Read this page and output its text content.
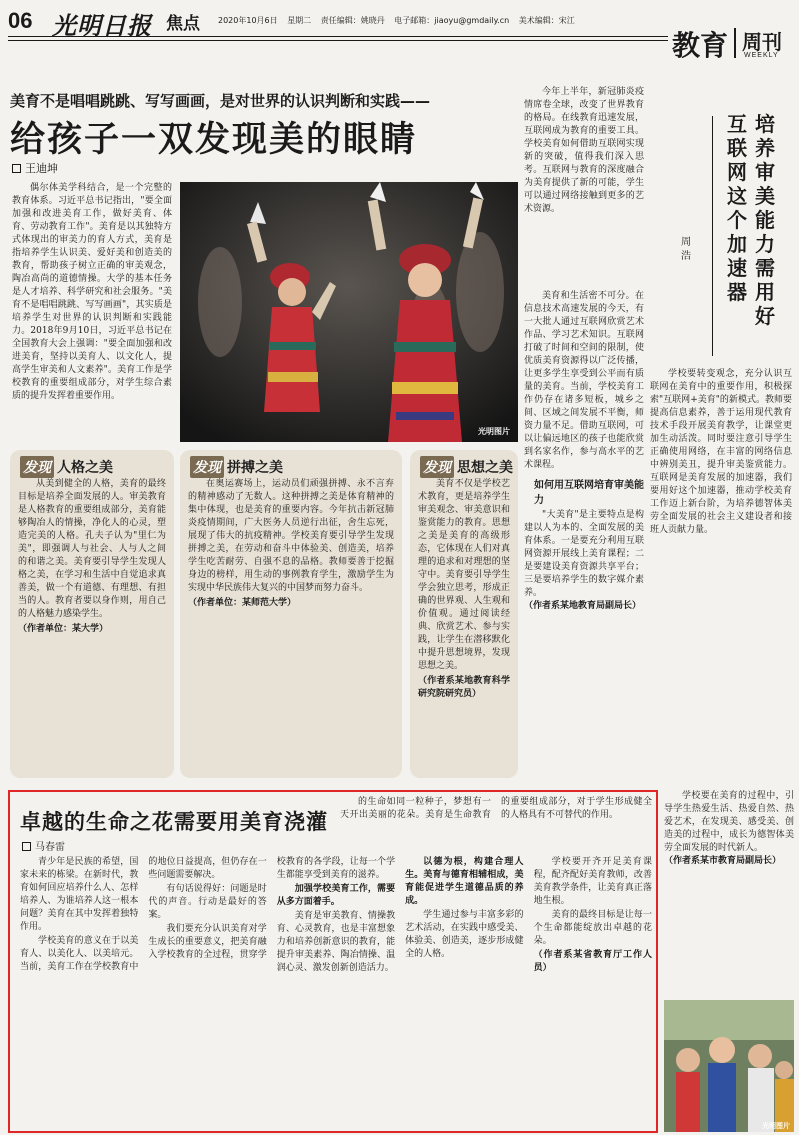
06 光明日报 焦点 2020年10月6日 星期二 责任编辑：姚晓丹 电子邮箱：jiaoyu@gmdaily.cn 美术编辑：宋江
教育 周刊
WEEKLY
美育不是唱唱跳跳、写写画画，是对世界的认识判断和实践——
给孩子一双发现美的眼睛
王迪坤
偶尔体美学科结合，是一个完整的教育体系。习近平总书记指出，"要全面加强和改进美育工作，做好美育、体育、劳动教育工作"。美育是以其独特方式体现出的审美力的育人方式，美育是指培养学生认识美、爱好美和创造美的教育，帮助孩子树立正确的审美观念，陶冶高尚的道德情操。大学的基本任务是人才培养、科学研究和社会服务。"美育不是唱唱跳跳、写写画画"，其实质是培养学生对世界的认识判断和实践能力。2018年9月10日，习近平总书记在全国教育大会上强调："要全面加强和改进美育，坚持以美育人、以文化人，提高学生审美和人文素养"。美育工作是学校教育的重要组成部分，对学生综合素质的提升发挥着重要作用。
光明图片
今年上半年，新冠肺炎疫情席卷全球，改变了世界教育的格局。在线教育迅速发展，互联网成为教育的重要工具。学校美育如何借助互联网实现新的突破，值得我们深入思考。互联网与教育的深度融合为美育提供了新的可能，学生可以通过网络接触到更多的艺术资源。
培养审美能力需用好
互联网这个加速器
周浩

美育和生活密不可分。在信息技术高速发展的今天，有一大批人通过互联网欣赏艺术作品、学习艺术知识。互联网打破了时间和空间的限制，使优质美育资源得以广泛传播，让更多学生享受到公平而有质量的美育。当前，学校美育工作仍存在诸多短板，城乡之间、区域之间发展不平衡，师资力量不足。借助互联网，可以让偏远地区的孩子也能欣赏到名家名作，参与高水平的艺术课程。

如何用互联网培育审美能力

"大美育"是主要特点是构建以人为本的、全面发展的美育体系。一是要充分利用互联网资源开展线上美育课程；二是要建设美育资源共享平台；三是要培养学生的数字媒介素养。

（作者系某地教育局副局长）

学校要转变观念，充分认识互联网在美育中的重要作用，积极探索"互联网+美育"的新模式。教师要提高信息素养，善于运用现代教育技术手段开展美育教学，让课堂更加生动活泼。同时要注意引导学生正确使用网络，在丰富的网络信息中辨别美丑，提升审美鉴赏能力。互联网是美育发展的加速器，我们要用好这个加速器，推动学校美育工作迈上新台阶，为培养德智体美劳全面发展的社会主义建设者和接班人贡献力量。
发现 人格之美

从美到健全的人格，美育的最终目标是培养全面发展的人。审美教育是人格教育的重要组成部分，美育能够陶冶人的情操，净化人的心灵，塑造完美的人格。孔夫子认为"里仁为美"，即强调人与社会、人与人之间的和谐之美。美育要引导学生发现人格之美，在学习和生活中自觉追求真善美，做一个有道德、有理想、有担当的人。教育者要以身作则，用自己的人格魅力感染学生。

（作者单位：某大学）

发现 拼搏之美

在奥运赛场上，运动员们顽强拼搏、永不言弃的精神感动了无数人。这种拼搏之美是体育精神的集中体现，也是美育的重要内容。今年抗击新冠肺炎疫情期间，广大医务人员逆行出征，舍生忘死，展现了伟大的抗疫精神。学校美育要引导学生发现拼搏之美，在劳动和奋斗中体验美、创造美，培养学生吃苦耐劳、自强不息的品格。教师要善于挖掘身边的榜样，用生动的事例教育学生，激励学生为实现中华民族伟大复兴的中国梦而努力奋斗。

（作者单位：某师范大学）

发现 思想之美

美育不仅是学校艺术教育，更是培养学生审美观念、审美意识和鉴赏能力的教育。思想之美是美育的高级形态，它体现在人们对真理的追求和对理想的坚守中。美育要引导学生学会独立思考，形成正确的世界观、人生观和价值观。通过阅读经典、欣赏艺术、参与实践，让学生在潜移默化中提升思想境界，发现思想之美。

（作者系某地教育科学研究院研究员）

卓越的生命之花需要用美育浇灌
马春雷
的生命如同一粒种子，梦想有一天开出美丽的花朵。美育是生命教育的重要组成部分，对于学生形成健全的人格具有不可替代的作用。

青少年是民族的希望，国家未来的栋梁。在新时代，教育如何回应培养什么人、怎样培养人、为谁培养人这一根本问题？美育在其中发挥着独特作用。

学校美育的意义在于以美育人、以美化人、以美培元。当前，美育工作在学校教育中的地位日益提高，但仍存在一些问题需要解决。

有句话说得好：问题是时代的声音。行动是最好的答案。

我们要充分认识美育对学生成长的重要意义，把美育融入学校教育的全过程，贯穿学校教育的各学段，让每一个学生都能享受到美育的滋养。

加强学校美育工作，需要从多方面着手。

美育是审美教育、情操教育、心灵教育，也是丰富想象力和培养创新意识的教育，能提升审美素养、陶冶情操、温润心灵、激发创新创造活力。

以德为根，构建合理人生。美育与德育相辅相成，美育能促进学生道德品质的养成。

学生通过参与丰富多彩的艺术活动，在实践中感受美、体验美、创造美，逐步形成健全的人格。

学校要开齐开足美育课程，配齐配好美育教师，改善美育教学条件，让美育真正落地生根。

美育的最终目标是让每一个生命都能绽放出卓越的花朵。

（作者系某省教育厅工作人员）

学校要在美育的过程中，引导学生热爱生活、热爱自然、热爱艺术，在发现美、感受美、创造美的过程中，成长为德智体美劳全面发展的时代新人。

（作者系某市教育局副局长）

光明图片
